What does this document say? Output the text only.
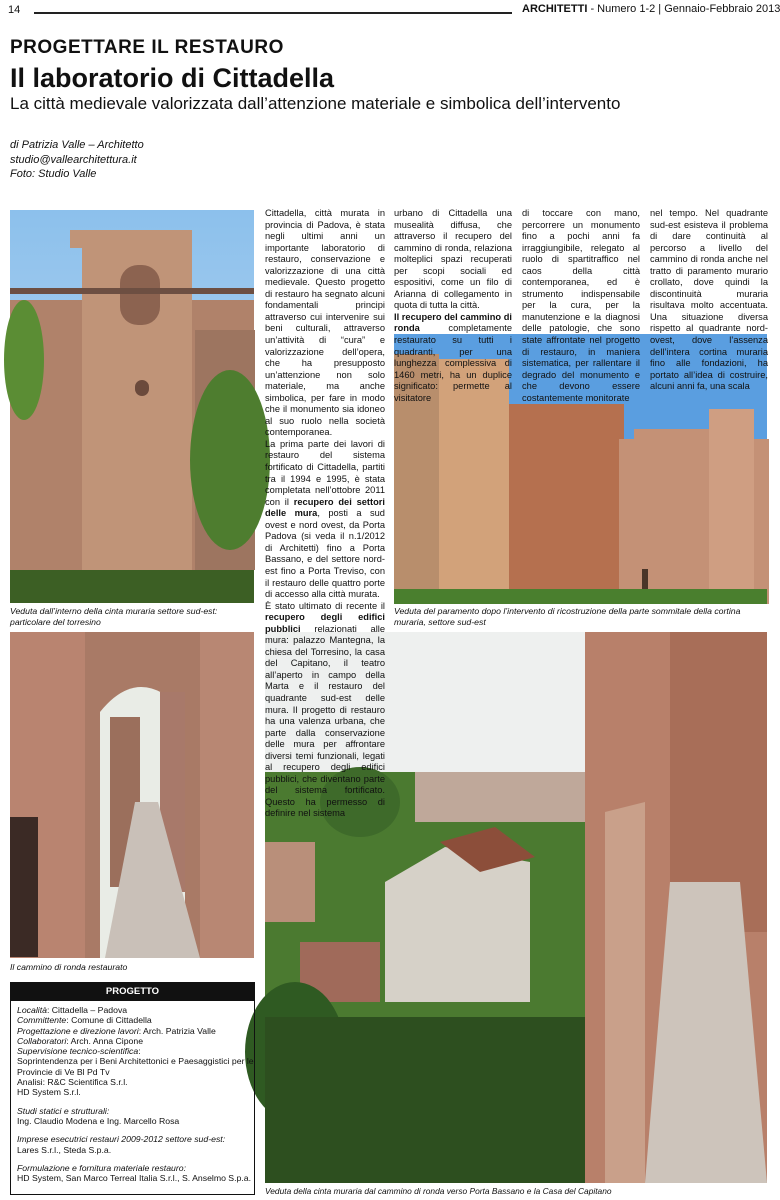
14	ARCHITETTI - Numero 1-2 | Gennaio-Febbraio 2013
PROGETTARE IL RESTAURO
Il laboratorio di Cittadella
La città medievale valorizzata dall’attenzione materiale e simbolica dell’intervento
di Patrizia Valle – Architetto
studio@vallearchitettura.it
Foto: Studio Valle
Veduta dall’interno della cinta muraria settore sud-est: particolare del torresino
Veduta del paramento dopo l’intervento di ricostruzione della parte sommitale della cortina muraria, settore sud-est
Il cammino di ronda restaurato
Veduta della cinta muraria dal cammino di ronda verso Porta Bassano e la Casa del Capitano

Cittadella, città murata in provincia di Padova, è stata negli ultimi anni un importante laboratorio di restauro, conservazione e valorizzazione di una città medievale. Questo progetto di restauro ha segnato alcuni fondamentali principi attraverso cui intervenire sui beni culturali, attraverso un’attività di “cura” e valorizzazione dell’opera, che ha presupposto un’attenzione non solo materiale, ma anche simbolica, per fare in modo che il monumento sia idoneo al suo ruolo nella società contemporanea.

La prima parte dei lavori di restauro del sistema fortificato di Cittadella, partiti tra il 1994 e 1995, è stata completata nell’ottobre 2011 con il recupero dei settori delle mura, posti a sud ovest e nord ovest, da Porta Padova (si veda il n.1/2012 di Architetti) fino a Porta Bassano, e del settore nord-est fino a Porta Treviso, con il restauro delle quattro porte di accesso alla città murata.

È stato ultimato di recente il recupero degli edifici pubblici relazionati alle mura: palazzo Mantegna, la chiesa del Torresino, la casa del Capitano, il teatro all’aperto in campo della Marta e il restauro del quadrante sud-est delle mura. Il progetto di restauro ha una valenza urbana, che parte dalla conservazione delle mura per affrontare diversi temi funzionali, legati al recupero degli edifici pubblici, che diventano parte del sistema fortificato. Questo ha permesso di definire nel sistema

urbano di Cittadella una musealità diffusa, che attraverso il recupero del cammino di ronda, relaziona molteplici spazi recuperati per scopi sociali ed espositivi, come un filo di Arianna di collegamento in quota di tutta la città.

Il recupero del cammino di ronda completamente restaurato su tutti i quadranti, per una lunghezza complessiva di 1460 metri, ha un duplice significato: permette al visitatore

di toccare con mano, percorrere un monumento fino a pochi anni fa irraggiungibile, relegato al ruolo di spartitraffico nel caos della città contemporanea, ed è strumento indispensabile per la cura, per la manutenzione e la diagnosi delle patologie, che sono state affrontate nel progetto di restauro, in maniera sistematica, per rallentare il degrado del monumento e che devono essere costantemente monitorate

nel tempo. Nel quadrante sud-est esisteva il problema di dare continuità al percorso a livello del cammino di ronda anche nel tratto di paramento murario crollato, dove quindi la discontinuità muraria risultava molto accentuata. Una situazione diversa rispetto al quadrante nord-ovest, dove l’assenza dell’intera cortina muraria fino alle fondazioni, ha portato all’idea di costruire, alcuni anni fa, una scala

PROGETTO
Località: Cittadella – Padova
Committente: Comune di Cittadella
Progettazione e direzione lavori: Arch. Patrizia Valle
Collaboratori: Arch. Anna Cipone
Supervisione tecnico-scientifica:
Soprintendenza per i Beni Architettonici e Paesaggistici per le
Provincie di Ve Bl Pd Tv
Analisi: R&C Scientifica S.r.l.
HD System S.r.l.
Studi statici e strutturali:
Ing. Claudio Modena e Ing. Marcello Rosa
Imprese esecutrici restauri 2009-2012 settore sud-est:
Lares S.r.l., Steda S.p.a.
Formulazione e fornitura materiale restauro:
HD System, San Marco Terreal Italia S.r.l., S. Anselmo S.p.a.
